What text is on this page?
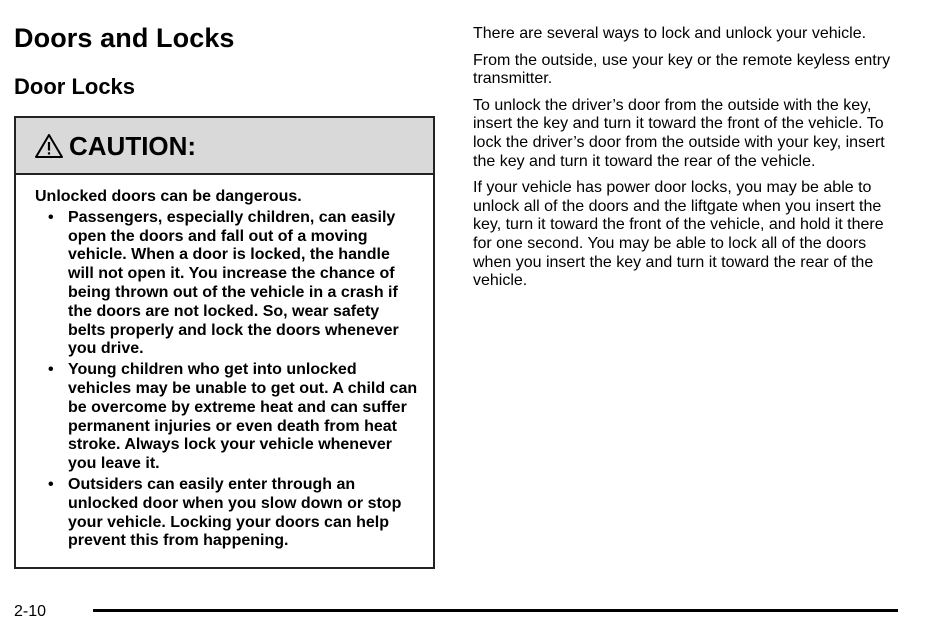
Doors and Locks
Door Locks
CAUTION:

Unlocked doors can be dangerous.

• Passengers, especially children, can easily open the doors and fall out of a moving vehicle. When a door is locked, the handle will not open it. You increase the chance of being thrown out of the vehicle in a crash if the doors are not locked. So, wear safety belts properly and lock the doors whenever you drive.
• Young children who get into unlocked vehicles may be unable to get out. A child can be overcome by extreme heat and can suffer permanent injuries or even death from heat stroke. Always lock your vehicle whenever you leave it.
• Outsiders can easily enter through an unlocked door when you slow down or stop your vehicle. Locking your doors can help prevent this from happening.

There are several ways to lock and unlock your vehicle.

From the outside, use your key or the remote keyless entry transmitter.

To unlock the driver’s door from the outside with the key, insert the key and turn it toward the front of the vehicle. To lock the driver’s door from the outside with your key, insert the key and turn it toward the rear of the vehicle.

If your vehicle has power door locks, you may be able to unlock all of the doors and the liftgate when you insert the key, turn it toward the front of the vehicle, and hold it there for one second. You may be able to lock all of the doors when you insert the key and turn it toward the rear of the vehicle.

2-10
